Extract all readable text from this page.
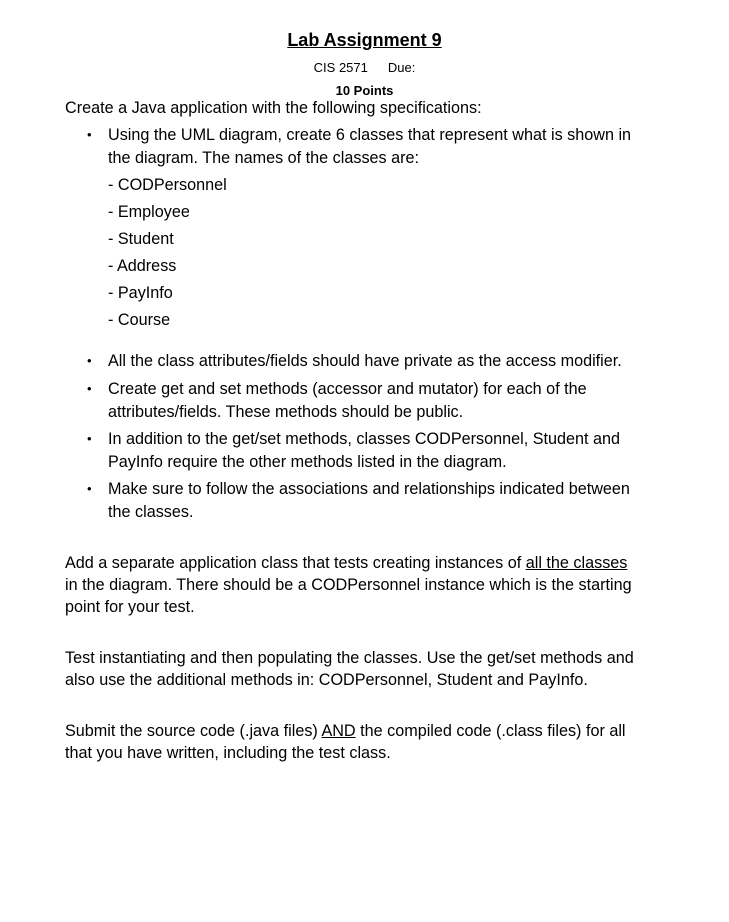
Lab Assignment 9
CIS 2571 Due:
10 Points
Create a Java application with the following specifications:
• Using the UML diagram, create 6 classes that represent what is shown in
the diagram. The names of the classes are:
- CODPersonnel
- Employee
- Student
- Address
- PayInfo
- Course
• All the class attributes/fields should have private as the access modifier.
• Create get and set methods (accessor and mutator) for each of the
attributes/fields. These methods should be public.
• In addition to the get/set methods, classes CODPersonnel, Student and
PayInfo require the other methods listed in the diagram.
• Make sure to follow the associations and relationships indicated between
the classes.
Add a separate application class that tests creating instances of all the classes
in the diagram. There should be a CODPersonnel instance which is the starting
point for your test.
Test instantiating and then populating the classes. Use the get/set methods and
also use the additional methods in: CODPersonnel, Student and PayInfo.
Submit the source code (.java files) AND the compiled code (.class files) for all
that you have written, including the test class.
